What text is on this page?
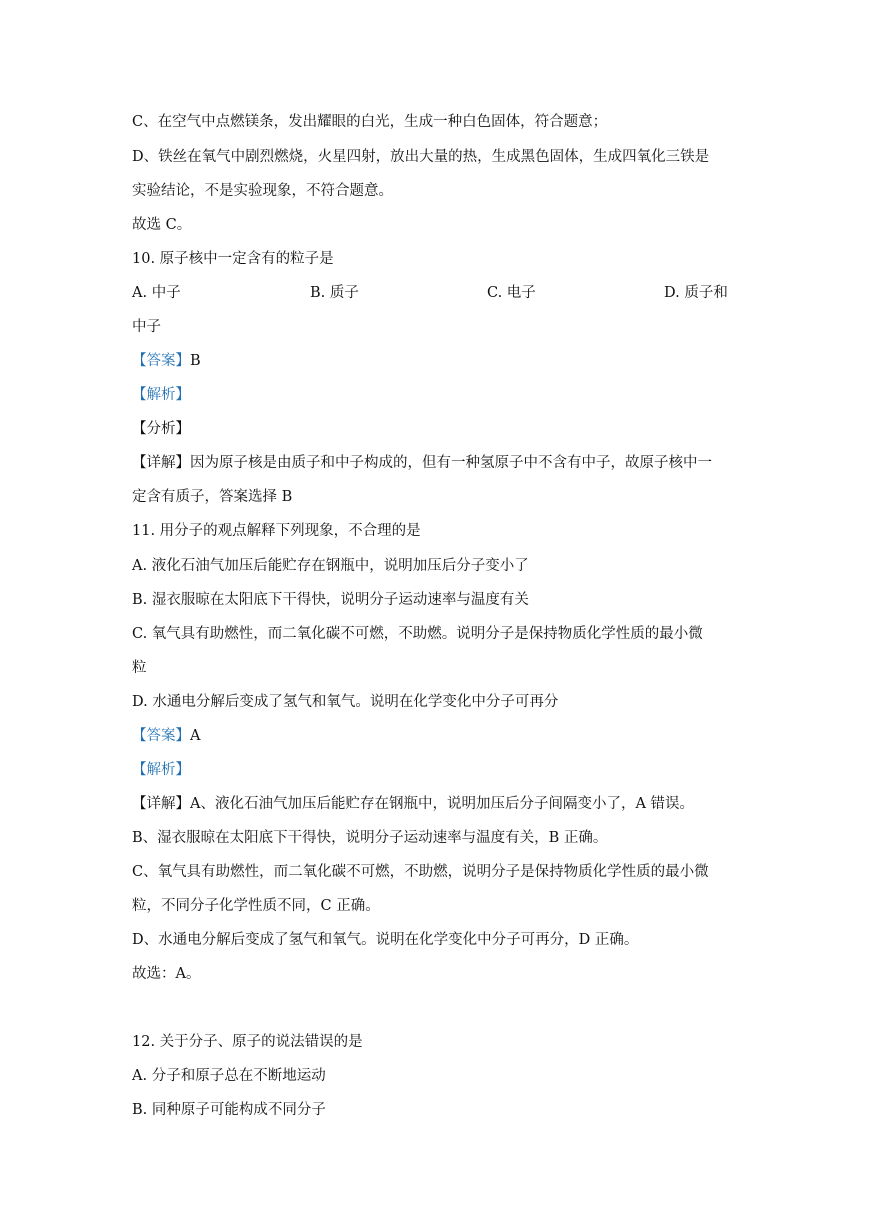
C、在空气中点燃镁条，发出耀眼的白光，生成一种白色固体，符合题意；
D、铁丝在氧气中剧烈燃烧，火星四射，放出大量的热，生成黑色固体，生成四氧化三铁是
实验结论，不是实验现象，不符合题意。
故选 C。
10. 原子核中一定含有的粒子是
A. 中子	B. 质子	C. 电子	D. 质子和
中子
【答案】B
【解析】
【分析】
【详解】因为原子核是由质子和中子构成的，但有一种氢原子中不含有中子，故原子核中一
定含有质子，答案选择 B
11. 用分子的观点解释下列现象，不合理的是
A. 液化石油气加压后能贮存在钢瓶中，说明加压后分子变小了
B. 湿衣服晾在太阳底下干得快，说明分子运动速率与温度有关
C. 氧气具有助燃性，而二氧化碳不可燃，不助燃。说明分子是保持物质化学性质的最小微
粒
D. 水通电分解后变成了氢气和氧气。说明在化学变化中分子可再分
【答案】A
【解析】
【详解】A、液化石油气加压后能贮存在钢瓶中，说明加压后分子间隔变小了，A 错误。
B、湿衣服晾在太阳底下干得快，说明分子运动速率与温度有关，B 正确。
C、氧气具有助燃性，而二氧化碳不可燃，不助燃，说明分子是保持物质化学性质的最小微
粒，不同分子化学性质不同，C 正确。
D、水通电分解后变成了氢气和氧气。说明在化学变化中分子可再分，D 正确。
故选：A。
12. 关于分子、原子的说法错误的是
A. 分子和原子总在不断地运动
B. 同种原子可能构成不同分子
